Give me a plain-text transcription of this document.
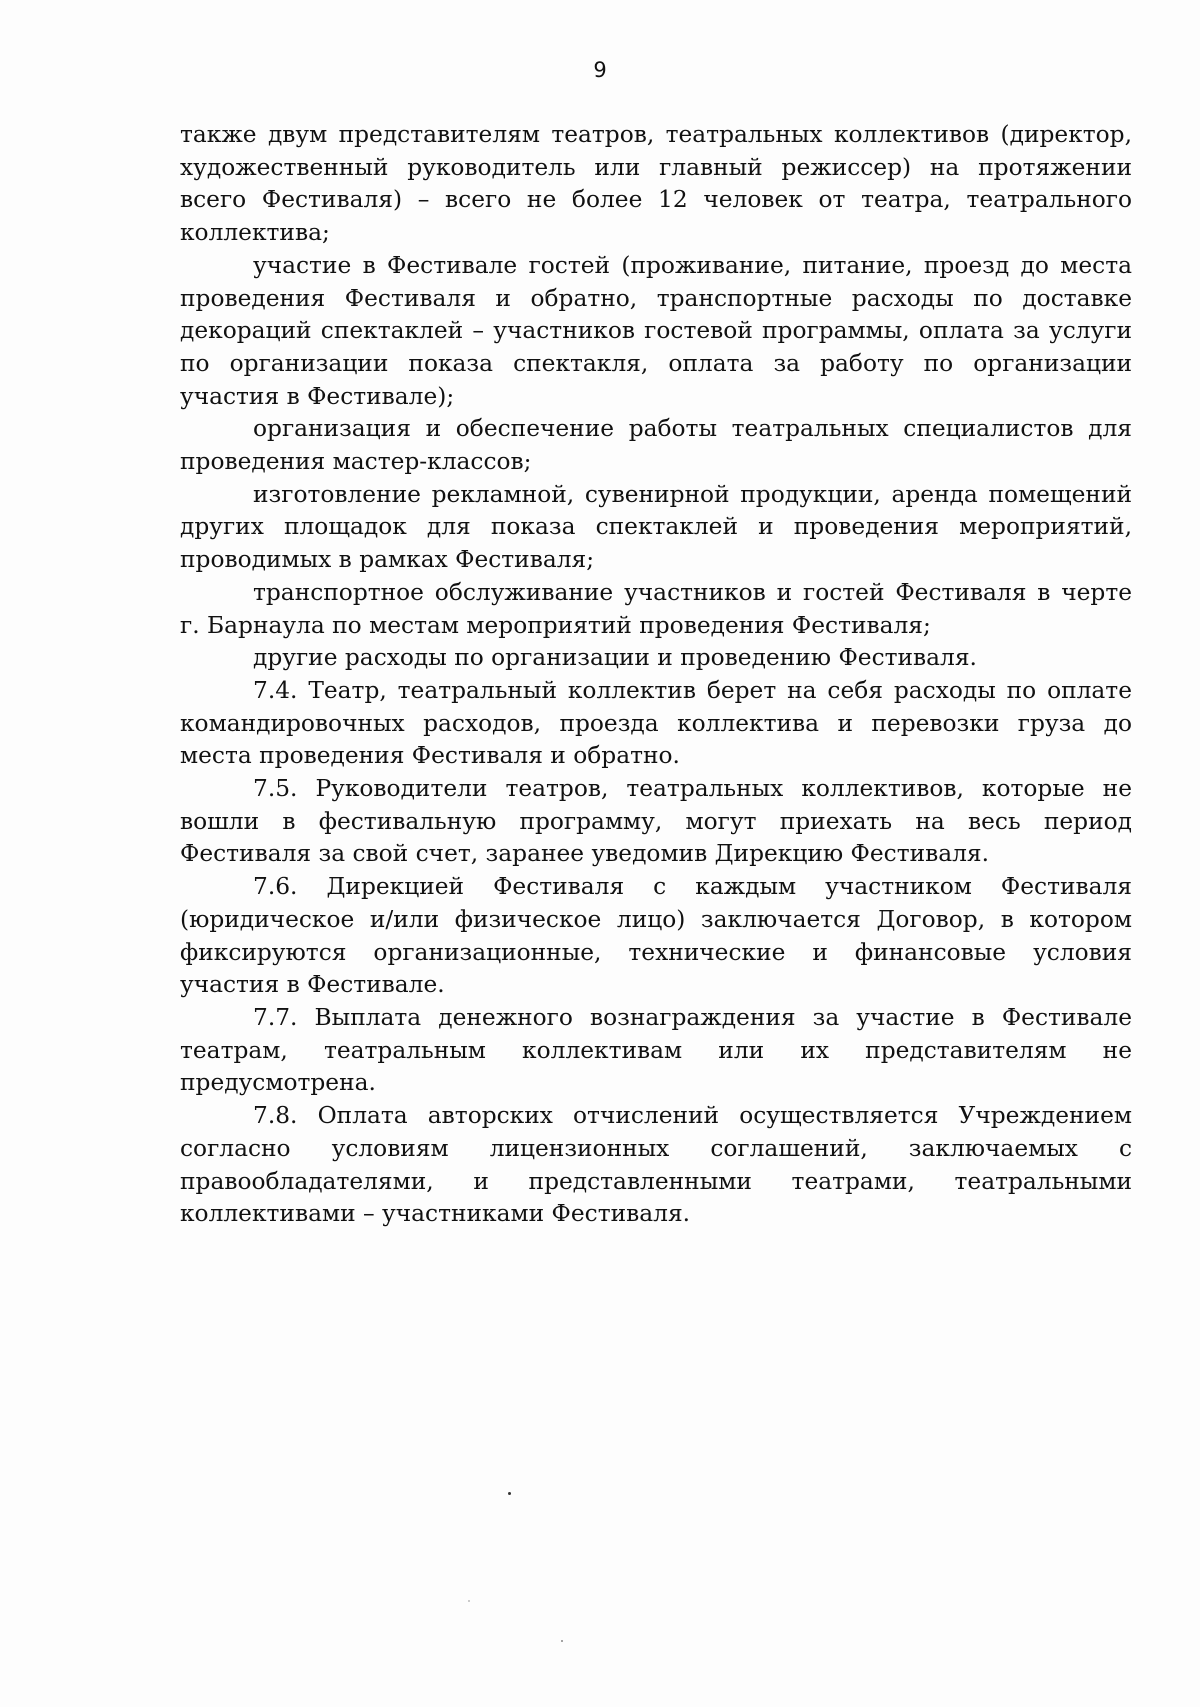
9

также двум представителям театров, театральных коллективов (директор, художественный руководитель или главный режиссер) на протяжении всего Фестиваля) – всего не более 12 человек от театра, театрального коллектива;

участие в Фестивале гостей (проживание, питание, проезд до места проведения Фестиваля и обратно, транспортные расходы по доставке декораций спектаклей – участников гостевой программы, оплата за услуги по организации показа спектакля, оплата за работу по организации участия в Фестивале);

организация и обеспечение работы театральных специалистов для проведения мастер-классов;

изготовление рекламной, сувенирной продукции, аренда помещений других площадок для показа спектаклей и проведения мероприятий, проводимых в рамках Фестиваля;

транспортное обслуживание участников и гостей Фестиваля в черте г. Барнаула по местам мероприятий проведения Фестиваля;

другие расходы по организации и проведению Фестиваля.

7.4. Театр, театральный коллектив берет на себя расходы по оплате командировочных расходов, проезда коллектива и перевозки груза до места проведения Фестиваля и обратно.

7.5. Руководители театров, театральных коллективов, которые не вошли в фестивальную программу, могут приехать на весь период Фестиваля за свой счет, заранее уведомив Дирекцию Фестиваля.

7.6. Дирекцией Фестиваля с каждым участником Фестиваля (юридическое и/или физическое лицо) заключается Договор, в котором фиксируются организационные, технические и финансовые условия участия в Фестивале.

7.7. Выплата денежного вознаграждения за участие в Фестивале театрам, театральным коллективам или их представителям не предусмотрена.

7.8. Оплата авторских отчислений осуществляется Учреждением согласно условиям лицензионных соглашений, заключаемых с правообладателями, и представленными театрами, театральными коллективами – участниками Фестиваля.
